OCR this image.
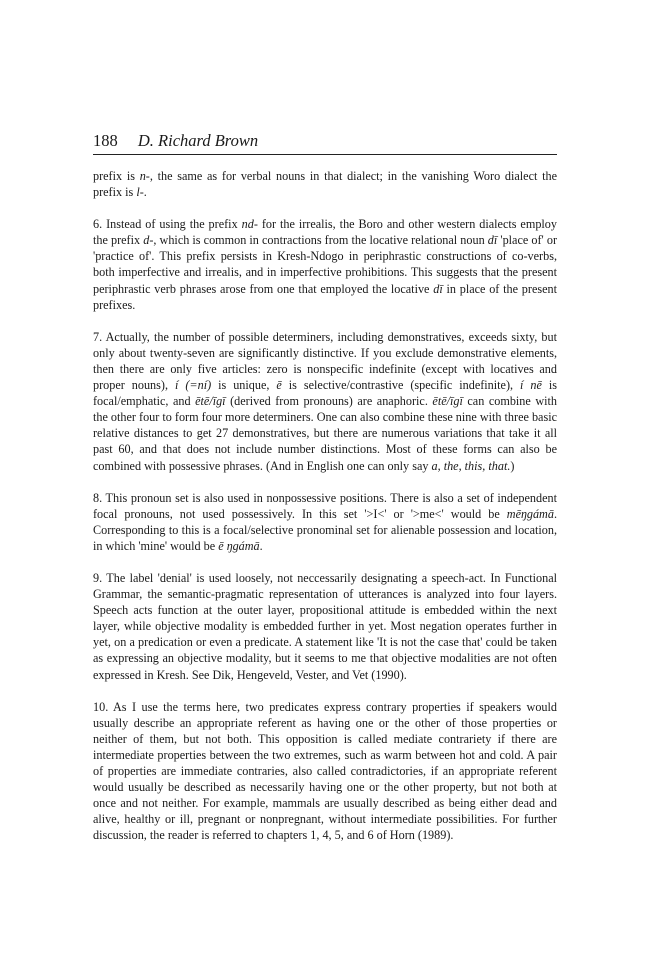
188 D. Richard Brown

prefix is n-, the same as for verbal nouns in that dialect; in the vanishing Woro dialect the prefix is l-.

6. Instead of using the prefix nd- for the irrealis, the Boro and other western dialects employ the prefix d-, which is common in contractions from the locative relational noun dī 'place of' or 'practice of'. This prefix persists in Kresh-Ndogo in periphrastic constructions of co-verbs, both imperfective and irrealis, and in imperfective prohibitions. This suggests that the present periphrastic verb phrases arose from one that employed the locative dī in place of the present prefixes.

7. Actually, the number of possible determiners, including demonstratives, exceeds sixty, but only about twenty-seven are significantly distinctive. If you exclude demonstrative elements, then there are only five articles: zero is nonspecific indefinite (except with locatives and proper nouns), í (=ní) is unique, ē is selective/contrastive (specific indefinite), í nē is focal/emphatic, and ētē/īgī (derived from pronouns) are anaphoric. ētē/īgī can combine with the other four to form four more determiners. One can also combine these nine with three basic relative distances to get 27 demonstratives, but there are numerous variations that take it all past 60, and that does not include number distinctions. Most of these forms can also be combined with possessive phrases. (And in English one can only say a, the, this, that.)

8. This pronoun set is also used in nonpossessive positions. There is also a set of independent focal pronouns, not used possessively. In this set '>I<' or '>me<' would be mēŋgámā. Corresponding to this is a focal/selective pronominal set for alienable possession and location, in which 'mine' would be ē ŋgámā.

9. The label 'denial' is used loosely, not neccessarily designating a speech-act. In Functional Grammar, the semantic-pragmatic representation of utterances is analyzed into four layers. Speech acts function at the outer layer, propositional attitude is embedded within the next layer, while objective modality is embedded further in yet. Most negation operates further in yet, on a predication or even a predicate. A statement like 'It is not the case that' could be taken as expressing an objective modality, but it seems to me that objective modalities are not often expressed in Kresh. See Dik, Hengeveld, Vester, and Vet (1990).

10. As I use the terms here, two predicates express contrary properties if speakers would usually describe an appropriate referent as having one or the other of those properties or neither of them, but not both. This opposition is called mediate contrariety if there are intermediate properties between the two extremes, such as warm between hot and cold. A pair of properties are immediate contraries, also called contradictories, if an appropriate referent would usually be described as necessarily having one or the other property, but not both at once and not neither. For example, mammals are usually described as being either dead and alive, healthy or ill, pregnant or nonpregnant, without intermediate possibilities. For further discussion, the reader is referred to chapters 1, 4, 5, and 6 of Horn (1989).
